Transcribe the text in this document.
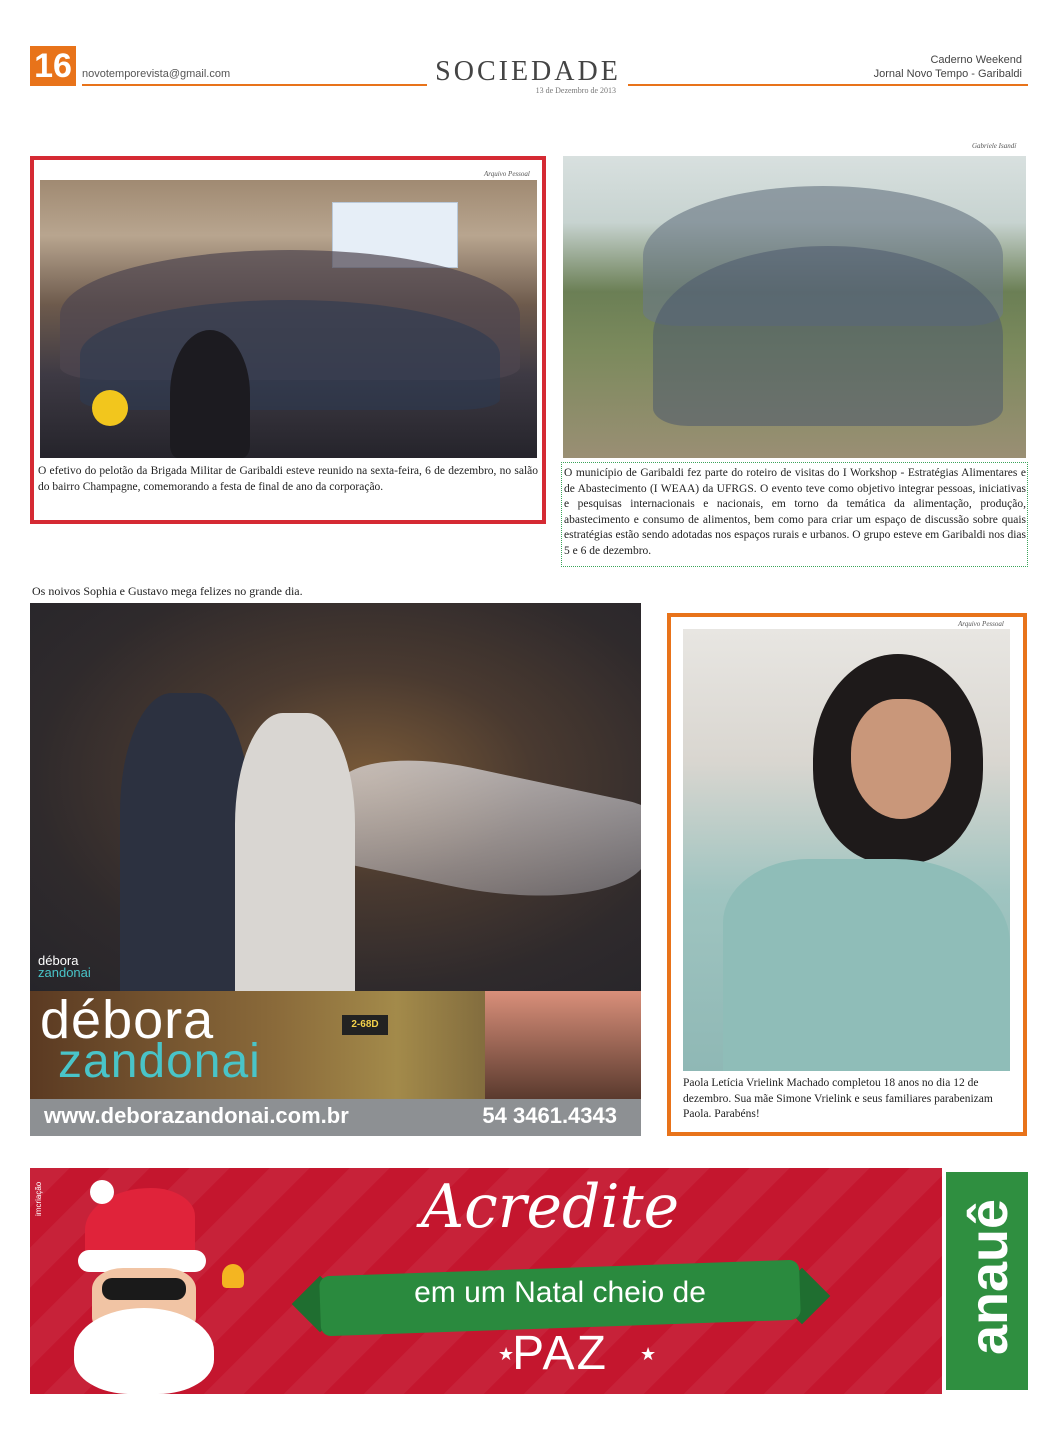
16 novotemporevista@gmail.com	SOCIEDADE
13 de Dezembro de 2013
Caderno Weekend
Jornal Novo Tempo - Garibaldi
Arquivo Pessoal
O efetivo do pelotão da Brigada Militar de Garibaldi esteve reunido na sexta-feira, 6 de dezembro, no salão do bairro Champagne, comemorando a festa de final de ano da corporação.
Gabriele Isandí
O município de Garibaldi fez parte do roteiro de visitas do I Workshop - Estratégias Alimentares e de Abastecimento (I WEAA) da UFRGS. O evento teve como objetivo integrar pessoas, iniciativas e pesquisas internacionais e nacionais, em torno da temática da alimentação, produção, abastecimento e consumo de alimentos, bem como para criar um espaço de discussão sobre quais estratégias estão sendo adotadas nos espaços rurais e urbanos. O grupo esteve em Garibaldi nos dias 5 e 6 de dezembro.
Os noivos Sophia e Gustavo mega felizes no grande dia.
débora
zandonai
2-68D
débora
zandonai
www.deborazandonai.com.br	54 3461.4343
Arquivo Pessoal
Paola Letícia Vrielink Machado completou 18 anos no dia 12 de dezembro. Sua mãe Simone Vrielink e seus familiares parabenizam Paola. Parabéns!
imcriação	Acredite
em um Natal cheio de
★
PAZ	★	anauê
